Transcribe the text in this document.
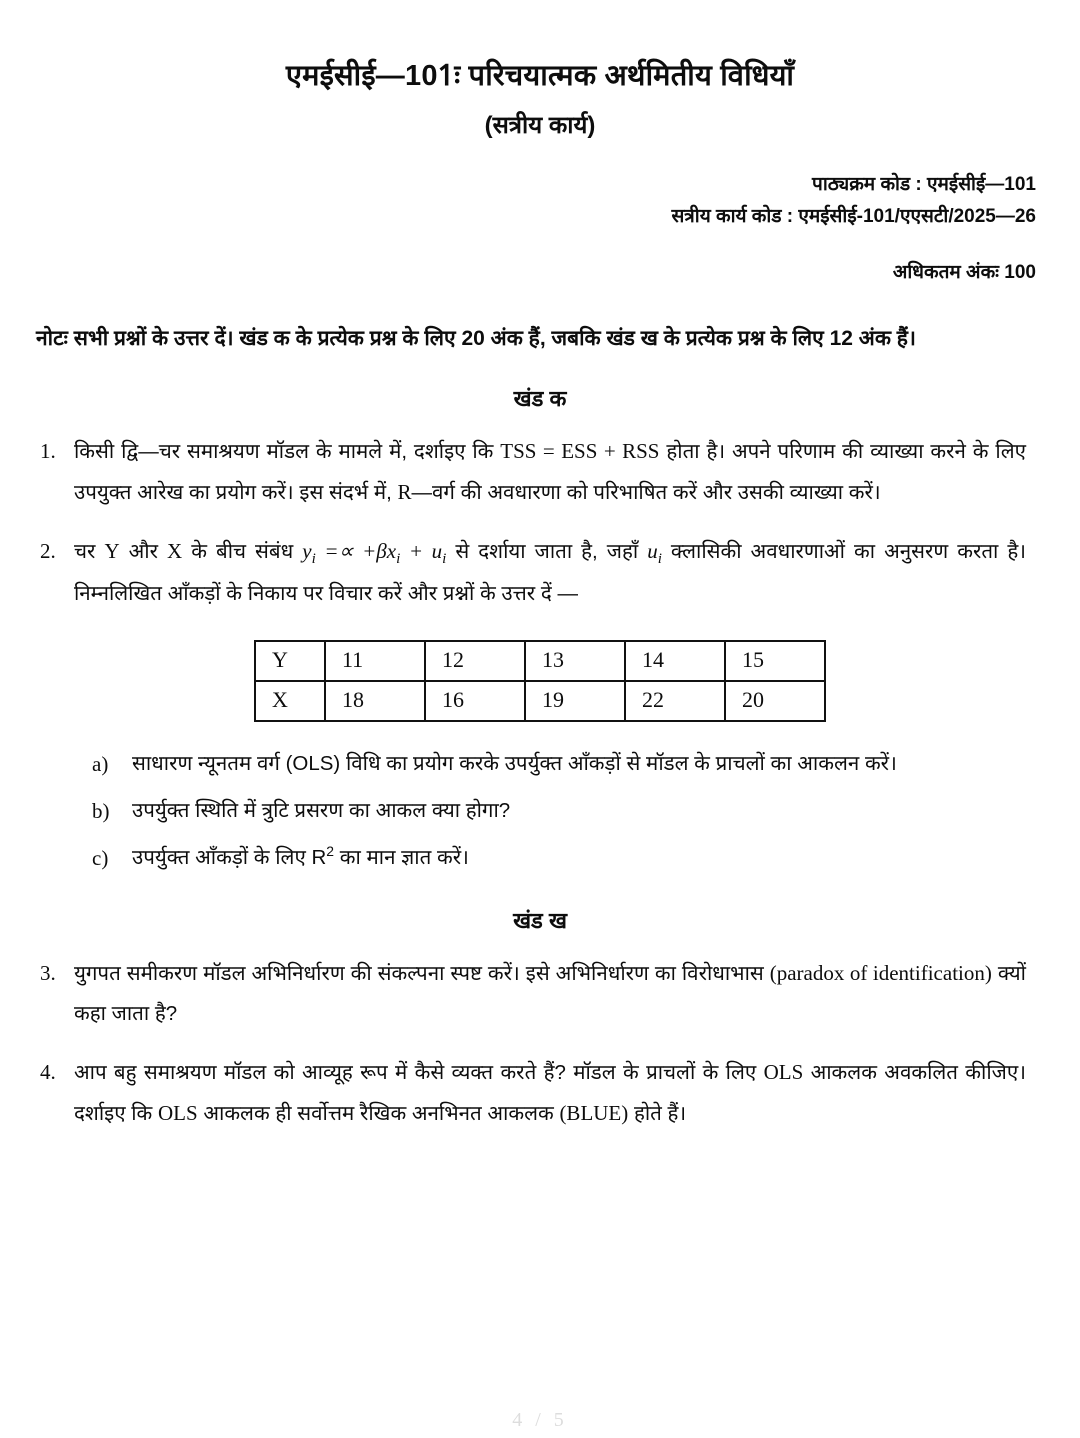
एमईसीई—101ः परिचयात्मक अर्थमितीय विधियाँ
(सत्रीय कार्य)
पाठ्यक्रम कोड : एमईसीई—101
सत्रीय कार्य कोड : एमईसीई-101/एएसटी/2025—26
अधिकतम अंकः 100
नोटः सभी प्रश्नों के उत्तर दें। खंड क के प्रत्येक प्रश्न के लिए 20 अंक हैं, जबकि खंड ख के प्रत्येक प्रश्न के लिए 12 अंक हैं।
खंड क
1. किसी द्वि—चर समाश्रयण मॉडल के मामले में, दर्शाइए कि TSS = ESS + RSS होता है। अपने परिणाम की व्याख्या करने के लिए उपयुक्त आरेख का प्रयोग करें। इस संदर्भ में, R—वर्ग की अवधारणा को परिभाषित करें और उसकी व्याख्या करें।
2. चर Y और X के बीच संबंध $y_i =\propto +\beta x_i + u_i$ से दर्शाया जाता है, जहाँ $u_i$ क्लासिकी अवधारणाओं का अनुसरण करता है। निम्नलिखित आँकड़ों के निकाय पर विचार करें और प्रश्नों के उत्तर दें —
Y	11	12	13	14	15
X	18	16	19	22	20
a)	साधारण न्यूनतम वर्ग (OLS) विधि का प्रयोग करके उपर्युक्त आँकड़ों से मॉडल के प्राचलों का आकलन करें।
b)	उपर्युक्त स्थिति में त्रुटि प्रसरण का आकल क्या होगा?
c)	उपर्युक्त आँकड़ों के लिए $R^2$ का मान ज्ञात करें।
खंड ख
3. युगपत समीकरण मॉडल अभिनिर्धारण की संकल्पना स्पष्ट करें। इसे अभिनिर्धारण का विरोधाभास (paradox of identification) क्यों कहा जाता है?
4. आप बहु समाश्रयण मॉडल को आव्यूह रूप में कैसे व्यक्त करते हैं? मॉडल के प्राचलों के लिए OLS आकलक अवकलित कीजिए। दर्शाइए कि OLS आकलक ही सर्वोत्तम रैखिक अनभिनत आकलक (BLUE) होते हैं।
4 / 5
